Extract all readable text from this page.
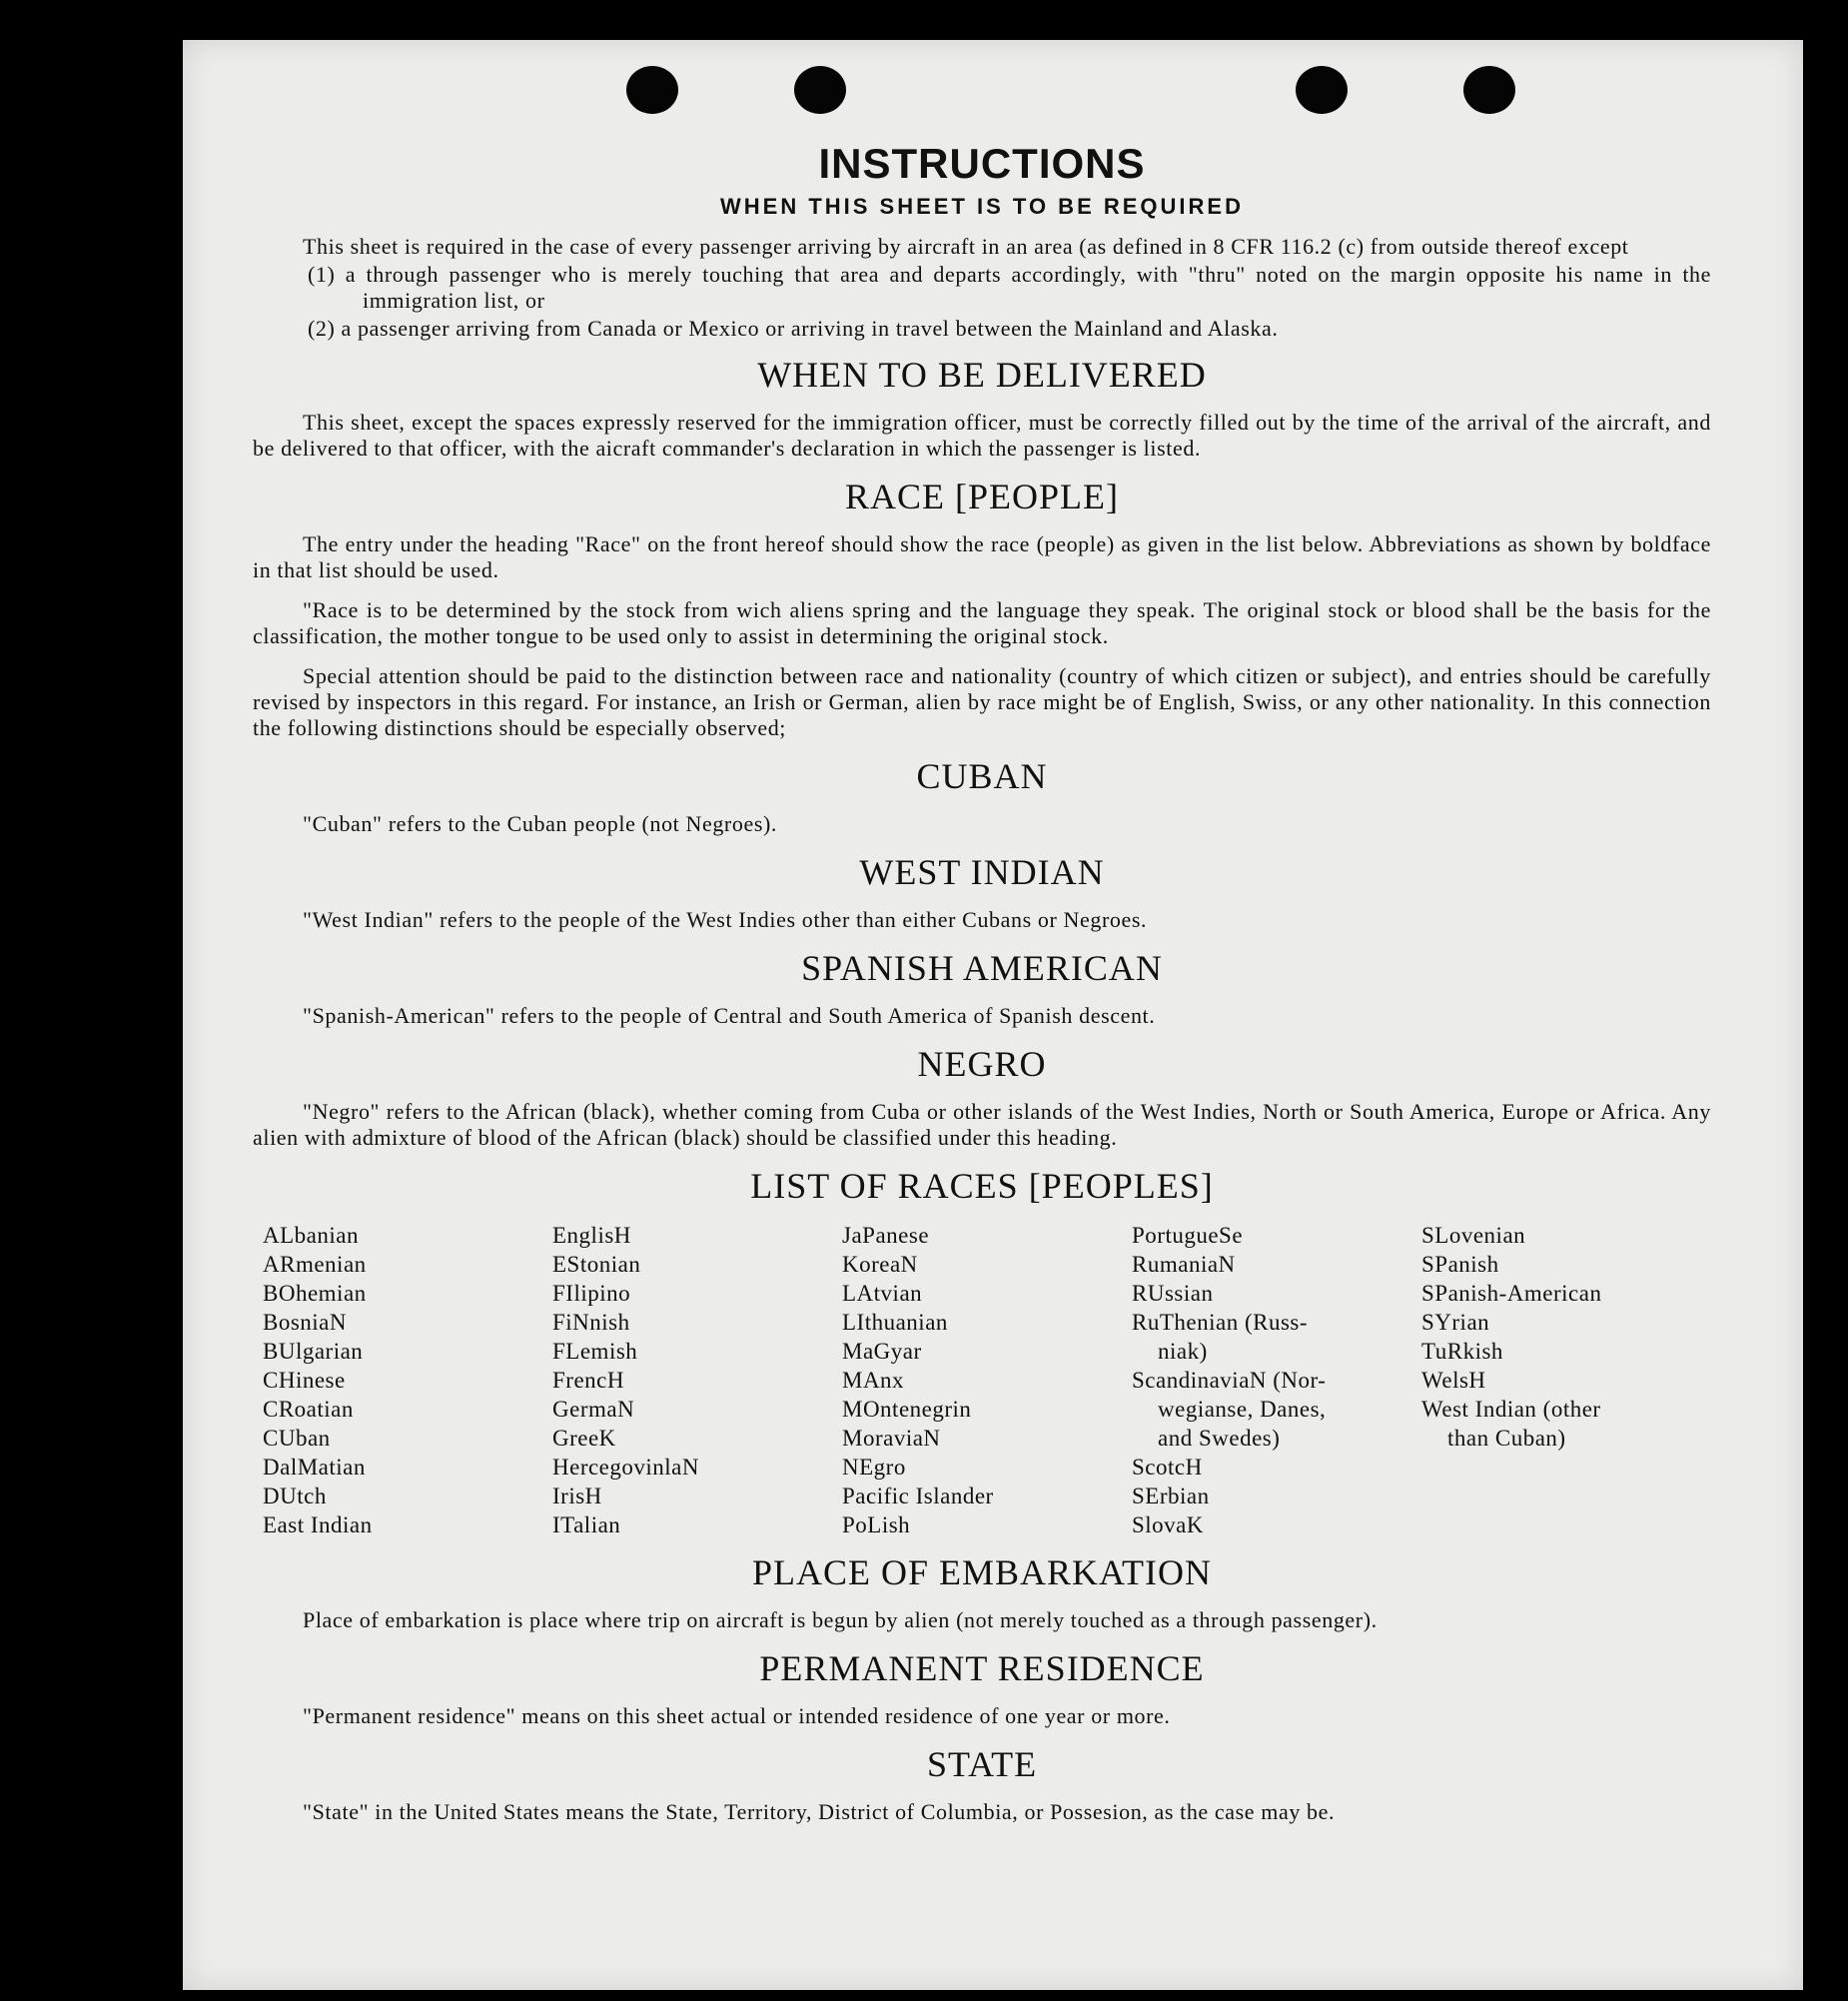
INSTRUCTIONS
WHEN THIS SHEET IS TO BE REQUIRED

This sheet is required in the case of every passenger arriving by aircraft in an area (as defined in 8 CFR 116.2 (c) from outside thereof except

(1) a through passenger who is merely touching that area and departs accordingly, with "thru" noted on the margin opposite his name in the immigration list, or

(2) a passenger arriving from Canada or Mexico or arriving in travel between the Mainland and Alaska.

WHEN TO BE DELIVERED

This sheet, except the spaces expressly reserved for the immigration officer, must be correctly filled out by the time of the arrival of the aircraft, and be delivered to that officer, with the aicraft commander's declaration in which the passenger is listed.

RACE [PEOPLE]

The entry under the heading "Race" on the front hereof should show the race (people) as given in the list below. Abbreviations as shown by boldface in that list should be used.

"Race is to be determined by the stock from wich aliens spring and the language they speak. The original stock or blood shall be the basis for the classification, the mother tongue to be used only to assist in determining the original stock.

Special attention should be paid to the distinction between race and nationality (country of which citizen or subject), and entries should be carefully revised by inspectors in this regard. For instance, an Irish or German, alien by race might be of English, Swiss, or any other nationality. In this connection the following distinctions should be especially observed;

CUBAN

"Cuban" refers to the Cuban people (not Negroes).

WEST INDIAN

"West Indian" refers to the people of the West Indies other than either Cubans or Negroes.

SPANISH AMERICAN

"Spanish-American" refers to the people of Central and South America of Spanish descent.

NEGRO

"Negro" refers to the African (black), whether coming from Cuba or other islands of the West Indies, North or South America, Europe or Africa. Any alien with admixture of blood of the African (black) should be classified under this heading.

LIST OF RACES [PEOPLES]
ALbanian
ARmenian
BOhemian
BosniaN
BUlgarian
CHinese
CRoatian
CUban
DalMatian
DUtch
East Indian
EnglisH
EStonian
FIlipino
FiNnish
FLemish
FrencH
GermaN
GreeK
HercegovinlaN
IrisH
ITalian
JaPanese
KoreaN
LAtvian
LIthuanian
MaGyar
MAnx
MOntenegrin
MoraviaN
NEgro
Pacific Islander
PoLish
PortugueSe
RumaniaN
RUssian
RuThenian (Russ-
niak)
ScandinaviaN (Nor-
wegianse, Danes,
and Swedes)
ScotcH
SErbian
SlovaK
SLovenian
SPanish
SPanish-American
SYrian
TuRkish
WelsH
West Indian (other
than Cuban)
PLACE OF EMBARKATION

Place of embarkation is place where trip on aircraft is begun by alien (not merely touched as a through passenger).

PERMANENT RESIDENCE

"Permanent residence" means on this sheet actual or intended residence of one year or more.

STATE

"State" in the United States means the State, Territory, District of Columbia, or Possesion, as the case may be.
